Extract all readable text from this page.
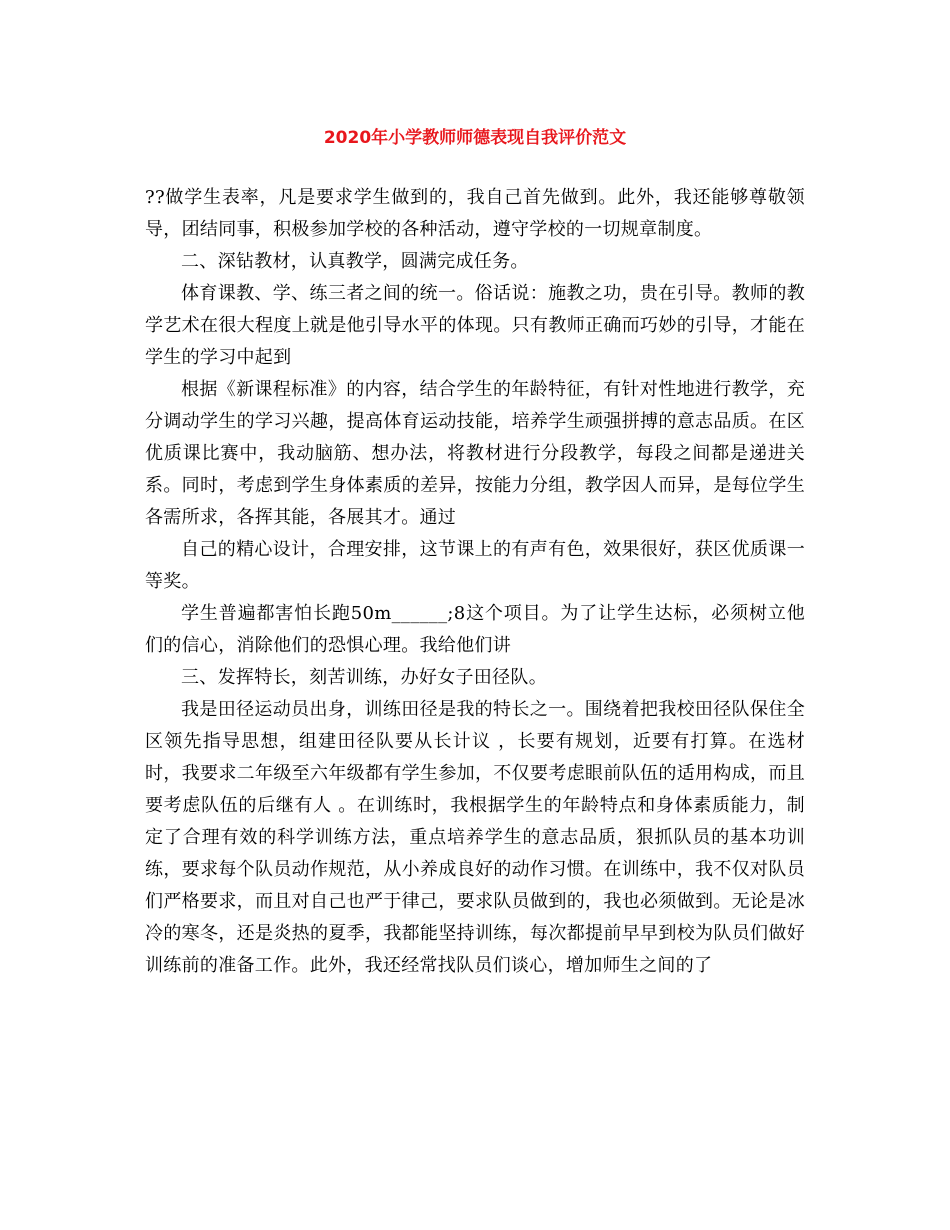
2020年小学教师师德表现自我评价范文

??做学生表率，凡是要求学生做到的，我自己首先做到。此外，我还能够尊敬领导，团结同事，积极参加学校的各种活动，遵守学校的一切规章制度。

二、深钻教材，认真教学，圆满完成任务。

体育课教、学、练三者之间的统一。俗话说：施教之功，贵在引导。教师的教学艺术在很大程度上就是他引导水平的体现。只有教师正确而巧妙的引导，才能在学生的学习中起到

根据《新课程标准》的内容，结合学生的年龄特征，有针对性地进行教学，充分调动学生的学习兴趣，提高体育运动技能，培养学生顽强拼搏的意志品质。在区优质课比赛中，我动脑筋、想办法，将教材进行分段教学，每段之间都是递进关系。同时，考虑到学生身体素质的差异，按能力分组，教学因人而异，是每位学生各需所求，各挥其能，各展其才。通过

自己的精心设计，合理安排，这节课上的有声有色，效果很好，获区优质课一等奖。

学生普遍都害怕长跑50m______;8这个项目。为了让学生达标，必须树立他们的信心，消除他们的恐惧心理。我给他们讲

三、发挥特长，刻苦训练，办好女子田径队。

我是田径运动员出身，训练田径是我的特长之一。围绕着把我校田径队保住全区领先指导思想，组建田径队要从长计议 ，长要有规划，近要有打算。在选材时，我要求二年级至六年级都有学生参加，不仅要考虑眼前队伍的适用构成，而且要考虑队伍的后继有人 。在训练时，我根据学生的年龄特点和身体素质能力，制定了合理有效的科学训练方法，重点培养学生的意志品质，狠抓队员的基本功训练，要求每个队员动作规范，从小养成良好的动作习惯。在训练中，我不仅对队员们严格要求，而且对自己也严于律己，要求队员做到的，我也必须做到。无论是冰冷的寒冬，还是炎热的夏季，我都能坚持训练，每次都提前早早到校为队员们做好训练前的准备工作。此外，我还经常找队员们谈心，增加师生之间的了
